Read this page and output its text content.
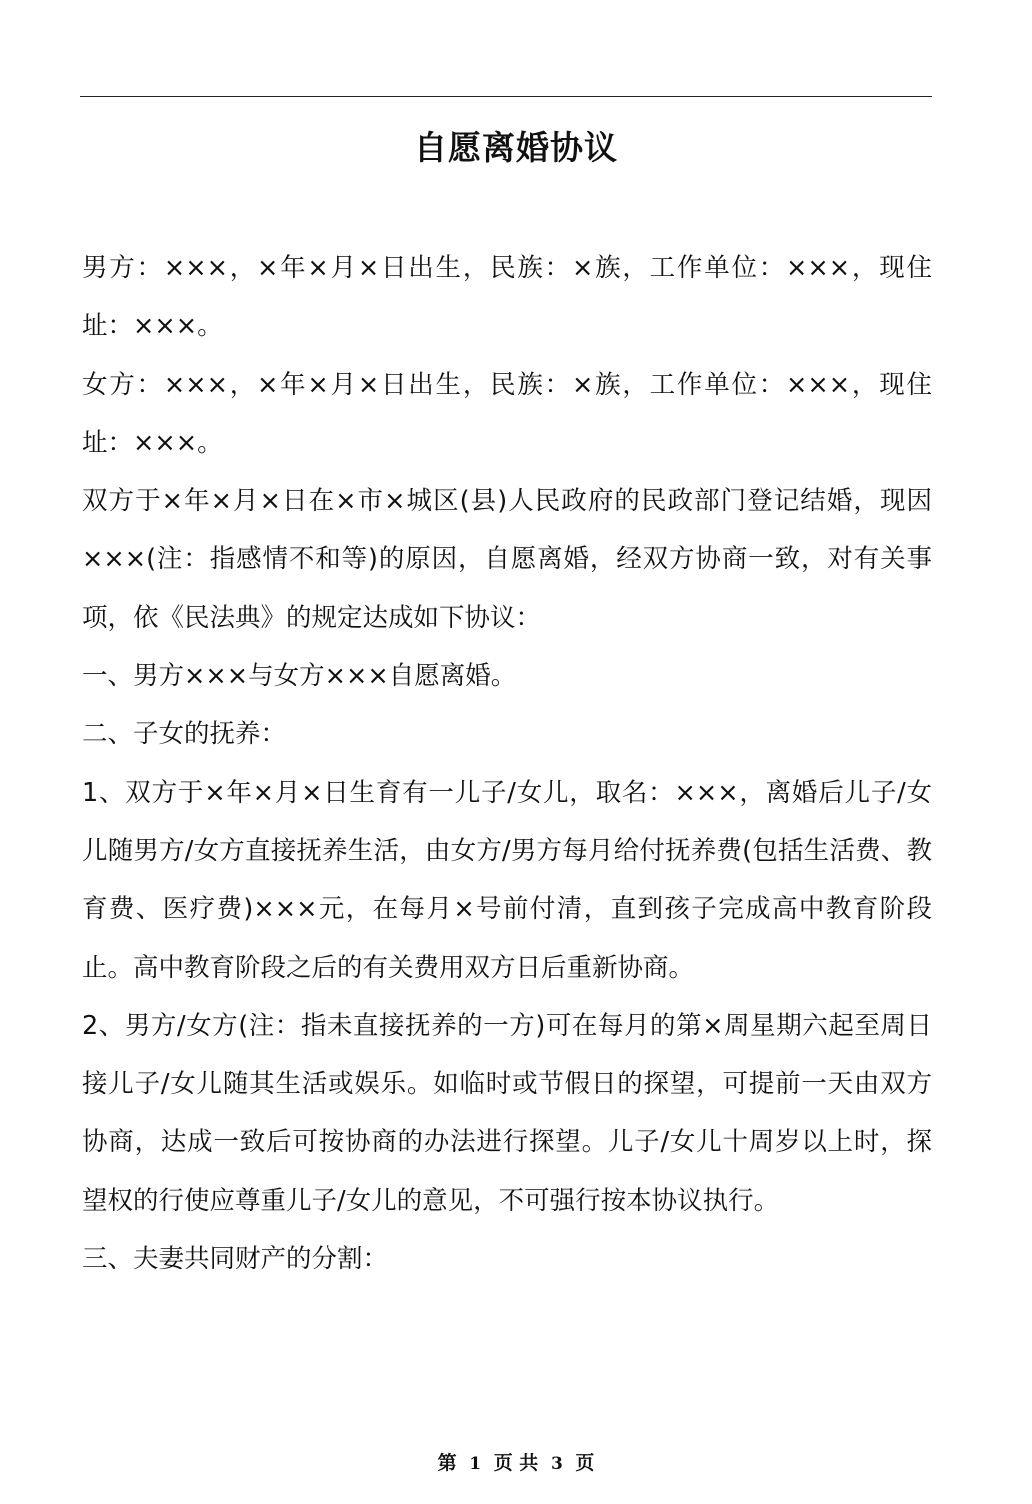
自愿离婚协议

男方：×××，×年×月×日出生，民族：×族，工作单位：×××，现住址：×××。

女方：×××，×年×月×日出生，民族：×族，工作单位：×××，现住址：×××。

双方于×年×月×日在×市×城区(县)人民政府的民政部门登记结婚，现因×××(注：指感情不和等)的原因，自愿离婚，经双方协商一致，对有关事项，依《民法典》的规定达成如下协议：

一、男方×××与女方×××自愿离婚。

二、子女的抚养：

1、双方于×年×月×日生育有一儿子/女儿，取名：×××，离婚后儿子/女儿随男方/女方直接抚养生活，由女方/男方每月给付抚养费(包括生活费、教育费、医疗费)×××元，在每月×号前付清，直到孩子完成高中教育阶段止。高中教育阶段之后的有关费用双方日后重新协商。

2、男方/女方(注：指未直接抚养的一方)可在每月的第×周星期六起至周日接儿子/女儿随其生活或娱乐。如临时或节假日的探望，可提前一天由双方协商，达成一致后可按协商的办法进行探望。儿子/女儿十周岁以上时，探望权的行使应尊重儿子/女儿的意见，不可强行按本协议执行。

三、夫妻共同财产的分割：

第 1 页 共 3 页
